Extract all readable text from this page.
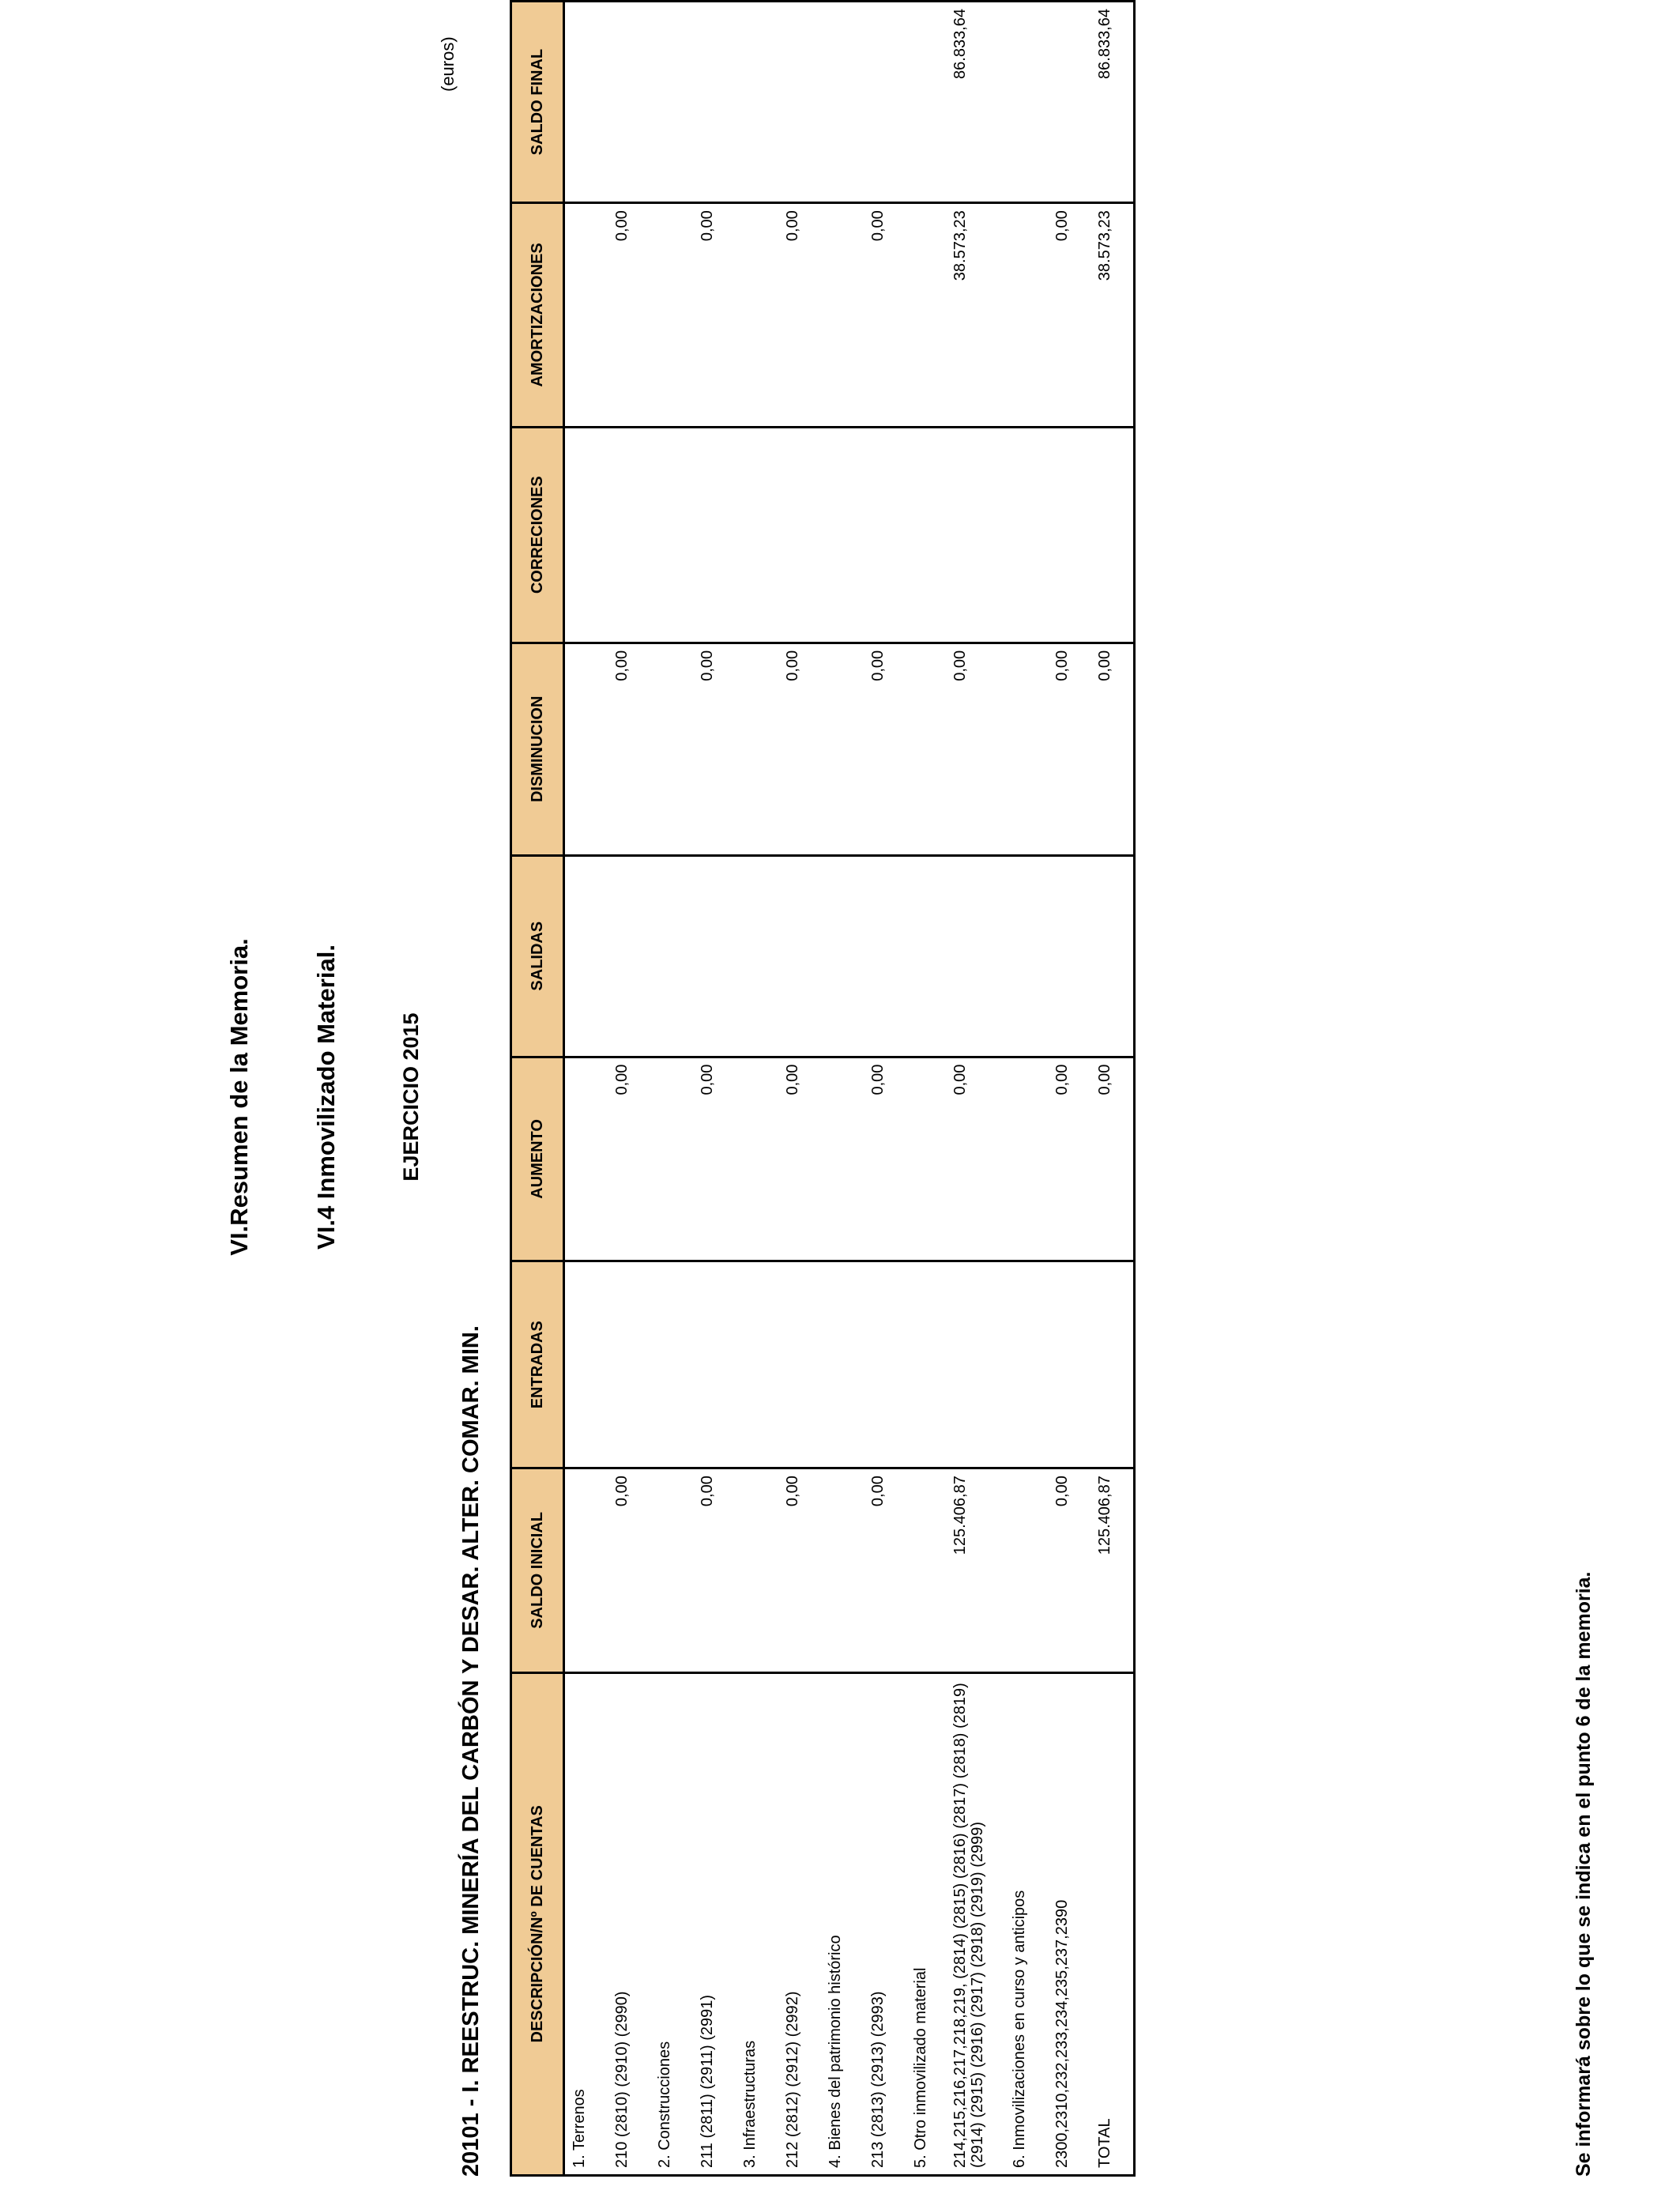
VI.Resumen de la Memoria. VI.4 Inmovilizado Material.	EJERCICIO 2015
20101 - I. REESTRUC. MINERÍA DEL CARBÓN Y DESAR. ALTER. COMAR. MIN.
(euros)
DESCRIPCIÓN/Nº DE CUENTAS	SALDO INICIAL	ENTRADAS	AUMENTO	SALIDAS	DISMINUCION	CORRECIONES	AMORTIZACIONES	SALDO FINAL
1. Terrenos								
210 (2810) (2910) (2990)	0,00		0,00		0,00		0,00	
2. Construcciones								
211 (2811) (2911) (2991)	0,00		0,00		0,00		0,00	
3. Infraestructuras								
212 (2812) (2912) (2992)	0,00		0,00		0,00		0,00	
4. Bienes del patrimonio histórico								
213 (2813) (2913) (2993)	0,00		0,00		0,00		0,00	
5. Otro inmovilizado material								
214,215,216,217,218,219, (2814) (2815) (2816) (2817) (2818) (2819) (2914) (2915) (2916) (2917) (2918) (2919) (2999)	125.406,87		0,00		0,00		38.573,23	86.833,64
6. Inmovilizaciones en curso y anticipos								
2300,2310,232,233,234,235,237,2390	0,00		0,00		0,00		0,00	
TOTAL	125.406,87		0,00		0,00		38.573,23	86.833,64
Se informará sobre lo que se indica en el punto 6 de la memoria.
